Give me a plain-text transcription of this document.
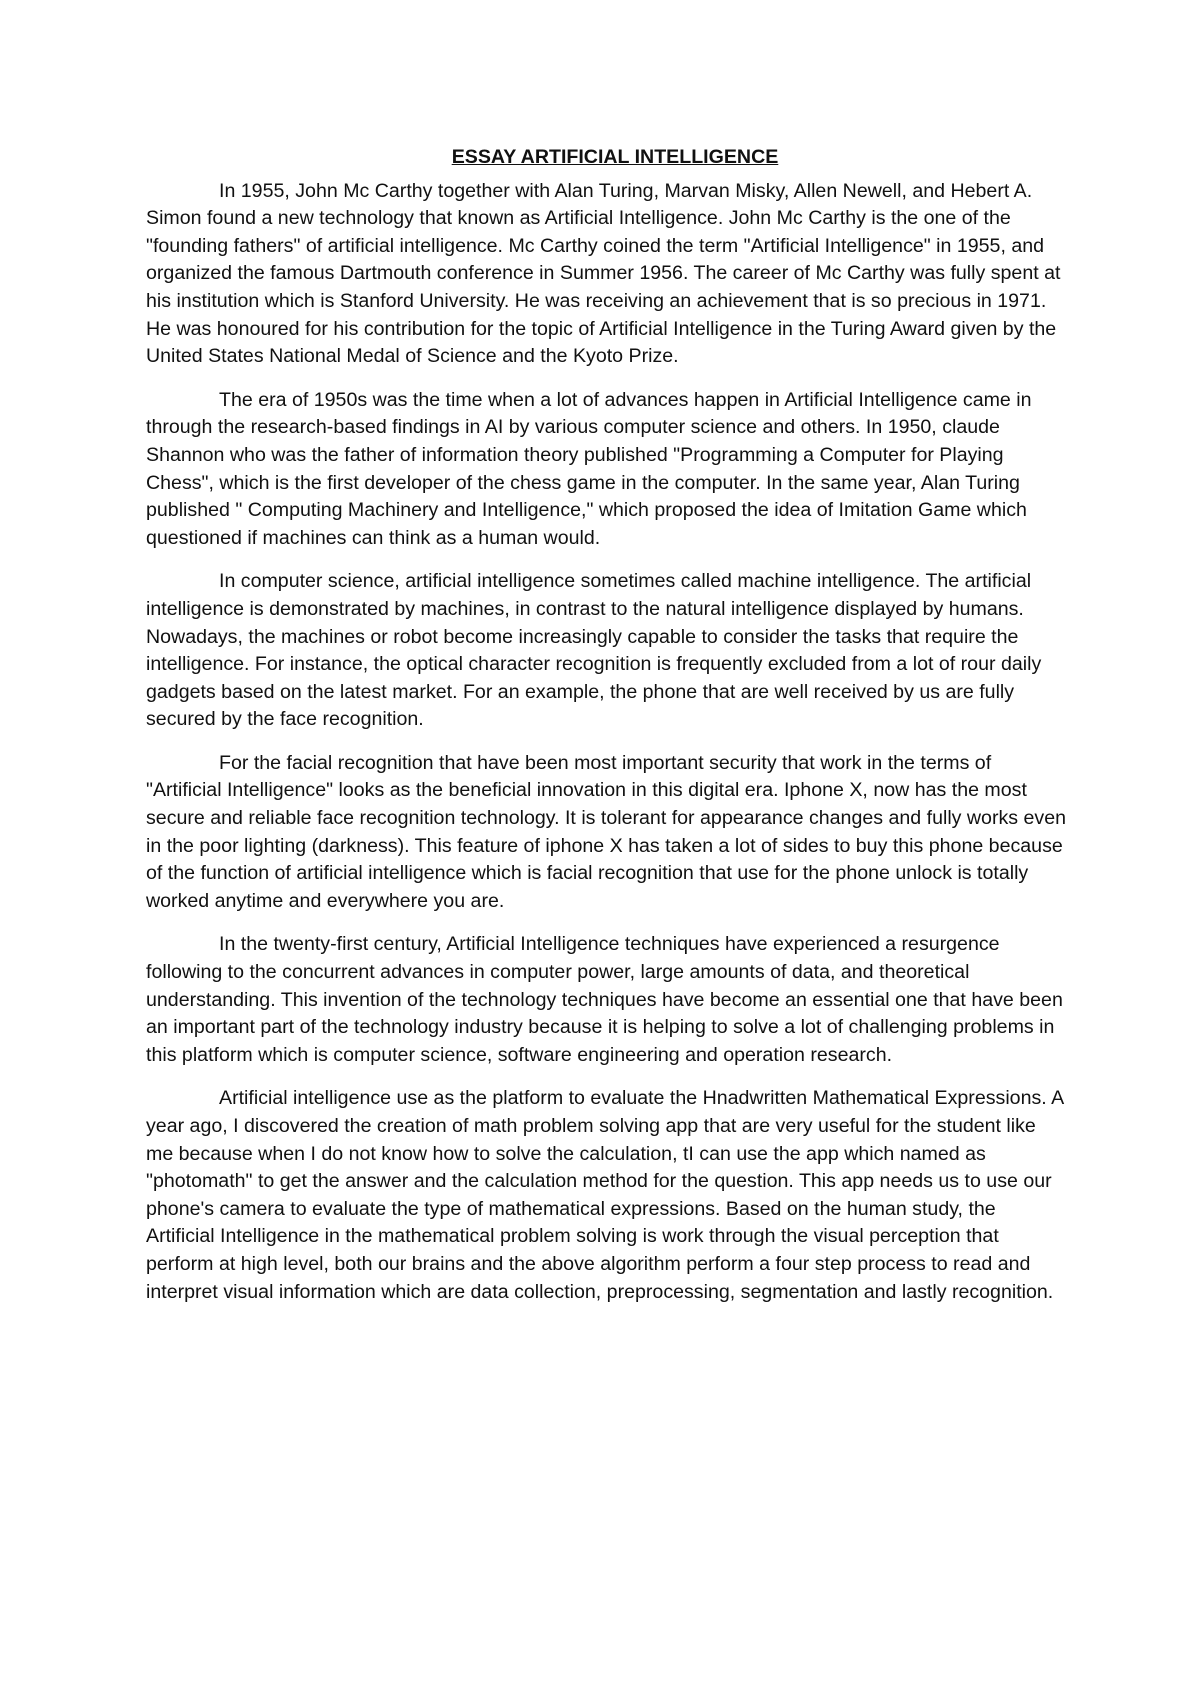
ESSAY ARTIFICIAL INTELLIGENCE

In 1955, John Mc Carthy together with Alan Turing, Marvan Misky, Allen Newell, and Hebert A. Simon found a new technology that known as Artificial Intelligence. John Mc Carthy is the one of the "founding fathers" of artificial intelligence. Mc Carthy coined the term "Artificial Intelligence" in 1955, and organized the famous Dartmouth conference in Summer 1956. The career of Mc Carthy was fully spent at his institution which is Stanford University. He was receiving an achievement that is so precious in 1971. He was honoured for his contribution for the topic of Artificial Intelligence in the Turing Award given by the United States National Medal of Science and the Kyoto Prize.

The era of 1950s was the time when a lot of advances happen in Artificial Intelligence came in through the research-based findings in AI by various computer science and others. In 1950, claude Shannon who was the father of information theory published "Programming a Computer for Playing Chess", which is the first developer of the chess game in the computer. In the same year, Alan Turing published " Computing Machinery and Intelligence," which proposed the idea of Imitation Game which questioned if machines can think as a human would.

In computer science, artificial intelligence sometimes called machine intelligence. The artificial intelligence is demonstrated by machines, in contrast to the natural intelligence displayed by humans. Nowadays, the machines or robot become increasingly capable to consider the tasks that require the intelligence. For instance, the optical character recognition is frequently excluded from a lot of rour daily gadgets based on the latest market. For an example, the phone that are well received by us are fully secured by the face recognition.

For the facial recognition that have been most important security that work in the terms of "Artificial Intelligence" looks as the beneficial innovation in this digital era. Iphone X, now has the most secure and reliable face recognition technology. It is tolerant for appearance changes and fully works even in the poor lighting (darkness). This feature of iphone X has taken a lot of sides to buy this phone because of the function of artificial intelligence which is facial recognition that use for the phone unlock is totally worked anytime and everywhere you are.

In the twenty-first century, Artificial Intelligence techniques have experienced a resurgence following to the concurrent advances in computer power, large amounts of data, and theoretical understanding. This invention of the technology techniques have become an essential one that have been an important part of the technology industry because it is helping to solve a lot of challenging problems in this platform which is computer science, software engineering and operation research.

Artificial intelligence use as the platform to evaluate the Hnadwritten Mathematical Expressions. A year ago, I discovered the creation of math problem solving app that are very useful for the student like me because when I do not know how to solve the calculation, tI can use the app which named as "photomath" to get the answer and the calculation method for the question. This app needs us to use our phone's camera to evaluate the type of mathematical expressions. Based on the human study, the Artificial Intelligence in the mathematical problem solving is work through the visual perception that perform at high level, both our brains and the above algorithm perform a four step process to read and interpret visual information which are data collection, preprocessing, segmentation and lastly recognition.
